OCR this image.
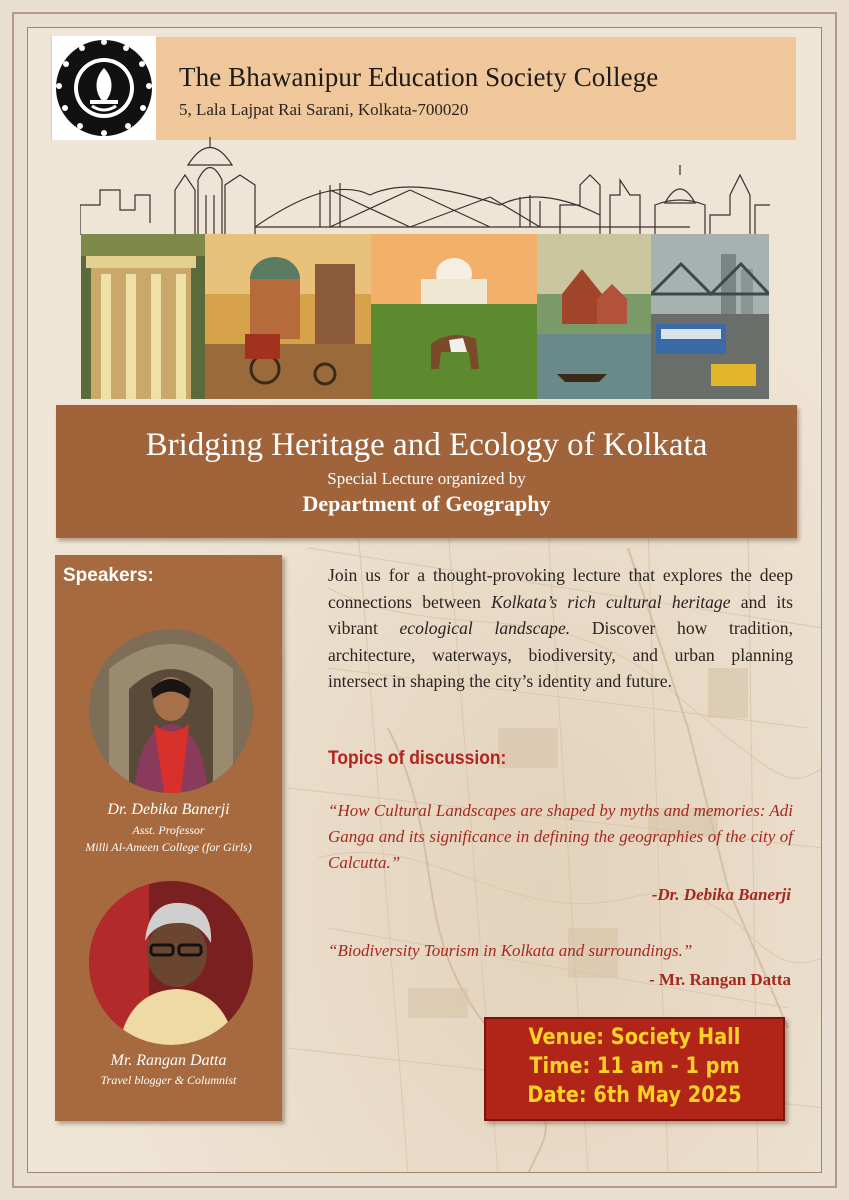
The Bhawanipur Education Society College
5, Lala Lajpat Rai Sarani, Kolkata-700020
Bridging Heritage and Ecology of Kolkata
Special Lecture organized by
Department of Geography
Speakers:
Dr. Debika Banerji
Asst. Professor
Milli Al-Ameen College (for Girls)
Mr. Rangan Datta
Travel blogger & Columnist
Join us for a thought-provoking lecture that explores the deep connections between Kolkata’s rich cultural heritage and its vibrant ecological landscape. Discover how tradition, architecture, waterways, biodiversity, and urban planning intersect in shaping the city’s identity and future.
Topics of discussion:
“How Cultural Landscapes are shaped by myths and memories: Adi Ganga and its significance in defining the geographies of the city of Calcutta.”
-Dr. Debika Banerji
“Biodiversity Tourism in Kolkata and surroundings.”
- Mr. Rangan Datta
Venue: Society Hall
Time: 11 am - 1 pm
Date: 6th May 2025
